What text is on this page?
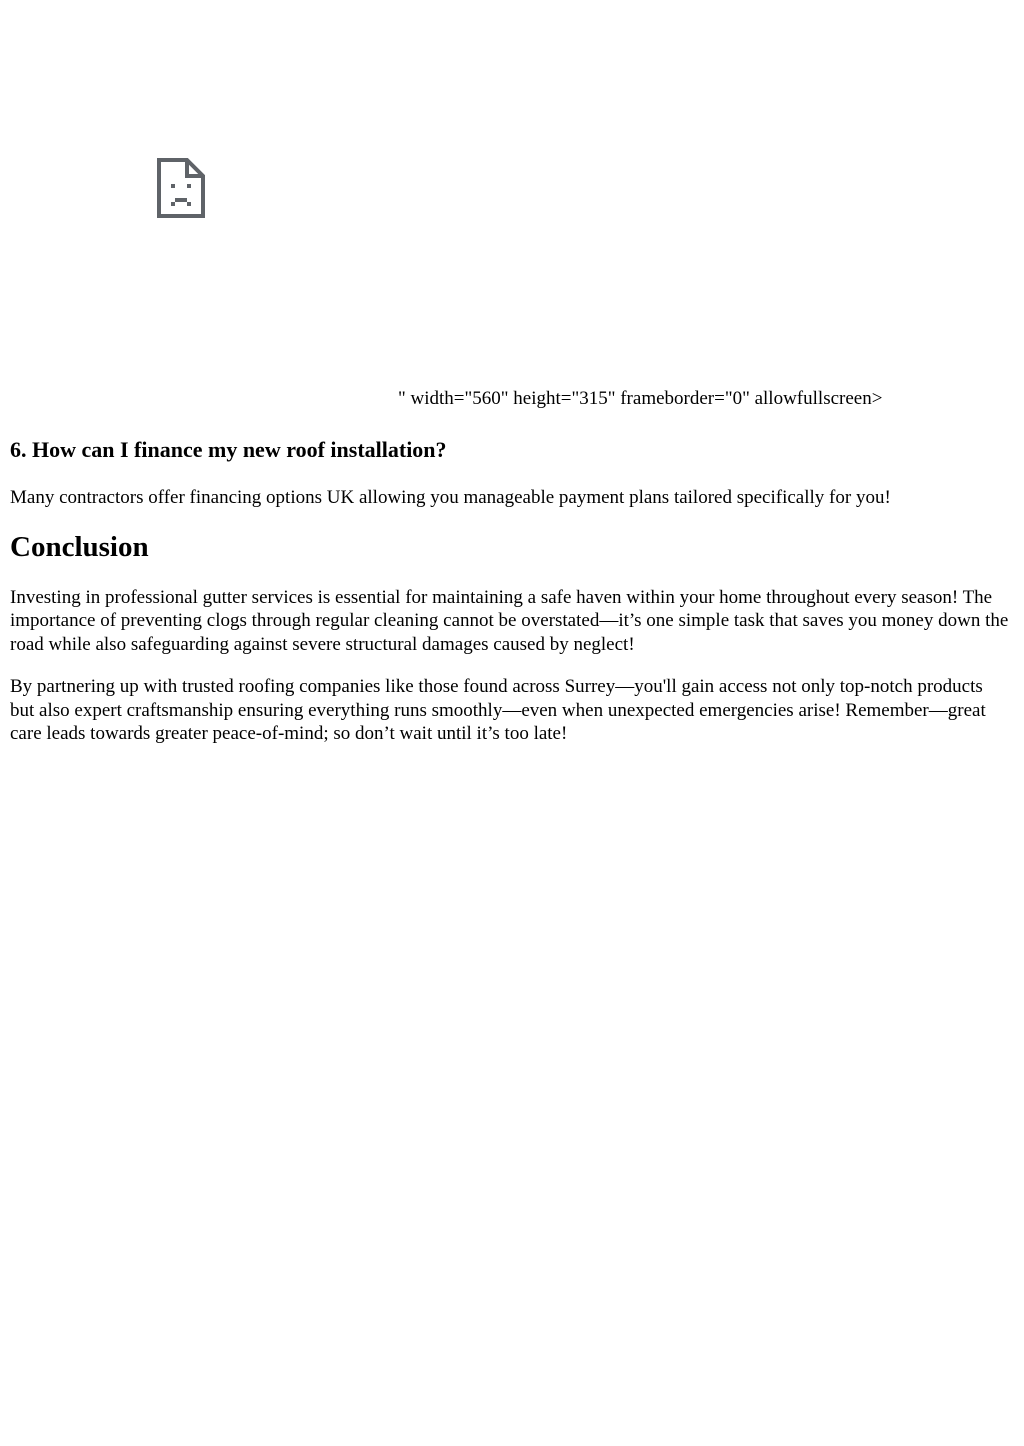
" width="560" height="315" frameborder="0" allowfullscreen>
6. How can I finance my new roof installation?

Many contractors offer financing options UK allowing you manageable payment plans tailored specifically for you!

Conclusion

Investing in professional gutter services is essential for maintaining a safe haven within your home throughout every season! The importance of preventing clogs through regular cleaning cannot be overstated—it’s one simple task that saves you money down the road while also safeguarding against severe structural damages caused by neglect!

By partnering up with trusted roofing companies like those found across Surrey—you'll gain access not only top-notch products but also expert craftsmanship ensuring everything runs smoothly—even when unexpected emergencies arise! Remember—great care leads towards greater peace-of-mind; so don’t wait until it’s too late!
